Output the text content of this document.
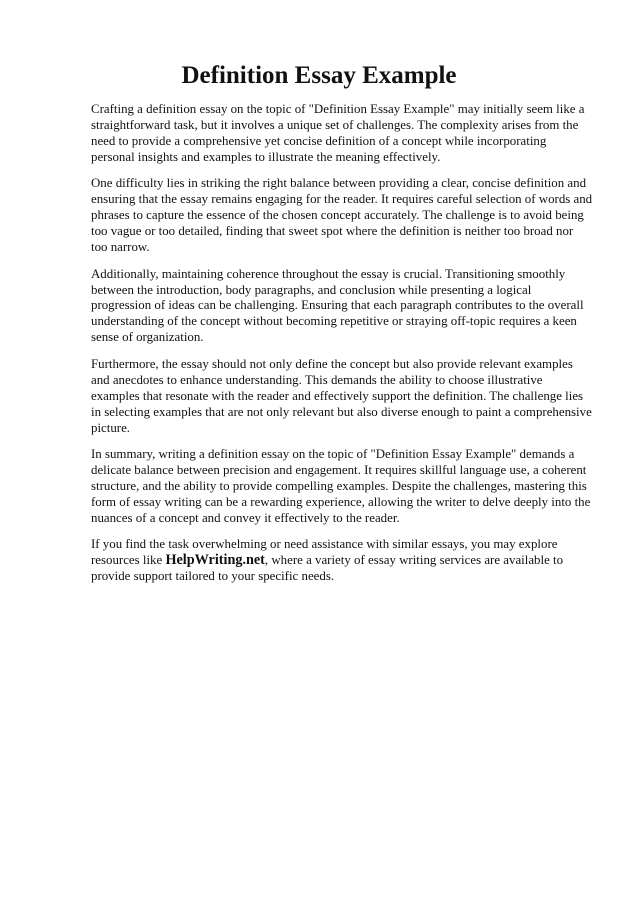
Definition Essay Example

Crafting a definition essay on the topic of "Definition Essay Example" may initially seem like a
straightforward task, but it involves a unique set of challenges. The complexity arises from the
need to provide a comprehensive yet concise definition of a concept while incorporating
personal insights and examples to illustrate the meaning effectively.

One difficulty lies in striking the right balance between providing a clear, concise definition and
ensuring that the essay remains engaging for the reader. It requires careful selection of words and
phrases to capture the essence of the chosen concept accurately. The challenge is to avoid being
too vague or too detailed, finding that sweet spot where the definition is neither too broad nor
too narrow.

Additionally, maintaining coherence throughout the essay is crucial. Transitioning smoothly
between the introduction, body paragraphs, and conclusion while presenting a logical
progression of ideas can be challenging. Ensuring that each paragraph contributes to the overall
understanding of the concept without becoming repetitive or straying off-topic requires a keen
sense of organization.

Furthermore, the essay should not only define the concept but also provide relevant examples
and anecdotes to enhance understanding. This demands the ability to choose illustrative
examples that resonate with the reader and effectively support the definition. The challenge lies
in selecting examples that are not only relevant but also diverse enough to paint a comprehensive
picture.

In summary, writing a definition essay on the topic of "Definition Essay Example" demands a
delicate balance between precision and engagement. It requires skillful language use, a coherent
structure, and the ability to provide compelling examples. Despite the challenges, mastering this
form of essay writing can be a rewarding experience, allowing the writer to delve deeply into the
nuances of a concept and convey it effectively to the reader.

If you find the task overwhelming or need assistance with similar essays, you may explore
resources like HelpWriting.net, where a variety of essay writing services are available to
provide support tailored to your specific needs.
